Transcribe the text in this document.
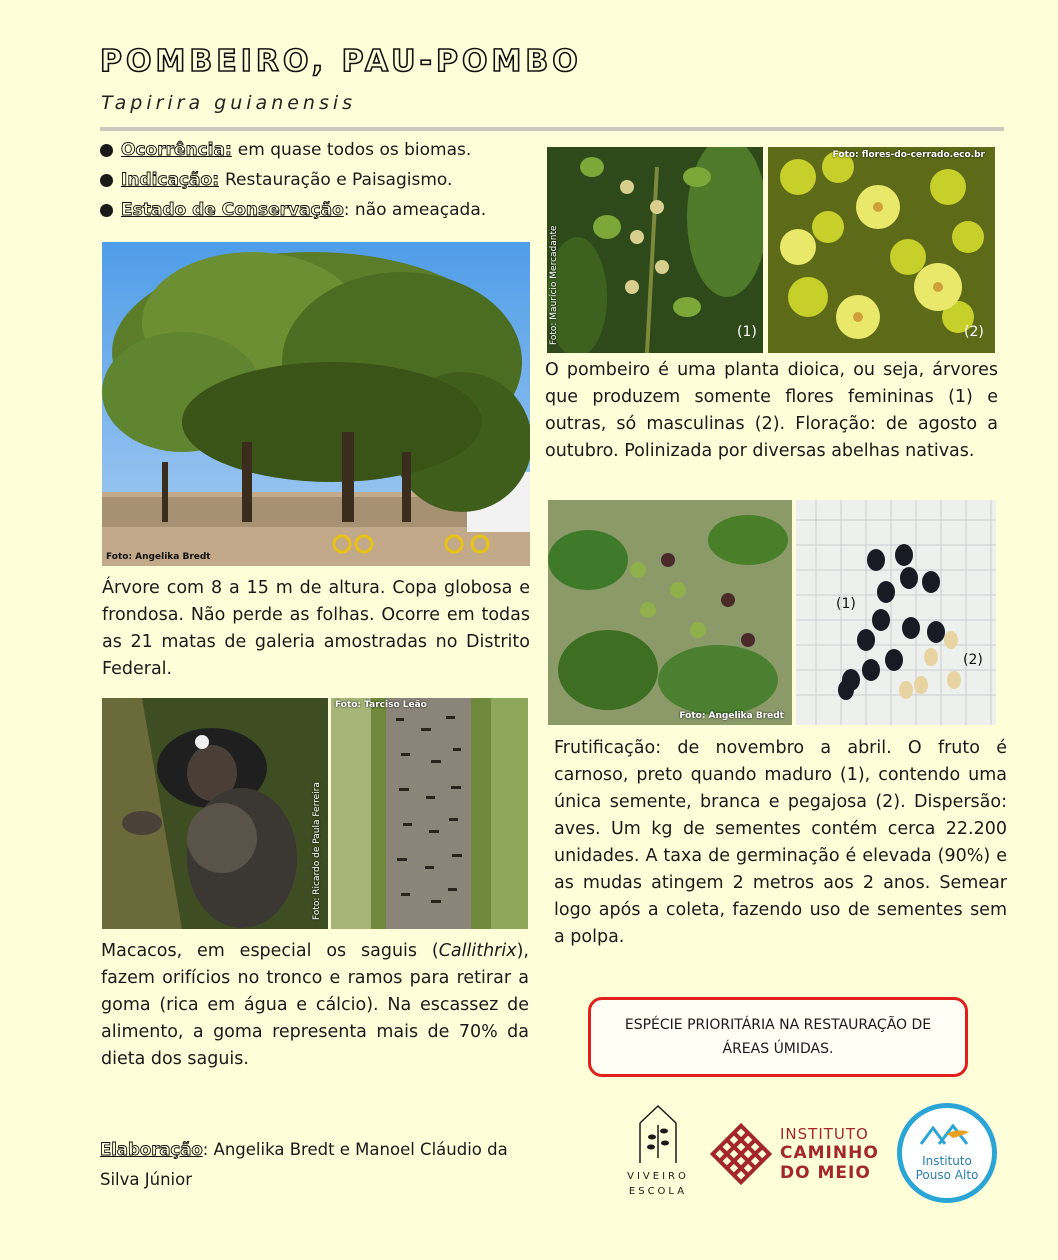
POMBEIRO, PAU-POMBO
Tapirira guianensis
Ocorrência: em quase todos os biomas.
Indicação: Restauração e Paisagismo.
Estado de Conservação : não ameaçada.
Foto: Angelika Bredt
Árvore com 8 a 15 m de altura. Copa globosa e frondosa. Não perde as folhas. Ocorre em todas as 21 matas de galeria amostradas no Distrito Federal.
Foto: Tarciso Leão
Foto: Ricardo de Paula Ferreira
Macacos, em especial os saguis (Callithrix), fazem orifícios no tronco e ramos para retirar a goma (rica em água e cálcio). Na escassez de alimento, a goma representa mais de 70% da dieta dos saguis.
(1)
Foto: Maurício Mercadante
Foto: flores-do-cerrado.eco.br
(2)
O pombeiro é uma planta dioica, ou seja, árvores que produzem somente flores femininas (1) e outras, só masculinas (2). Floração: de agosto a outubro. Polinizada por diversas abelhas nativas.
Foto: Angelika Bredt
(1)
(2)
Frutificação: de novembro a abril. O fruto é carnoso, preto quando maduro (1), contendo uma única semente, branca e pegajosa (2). Dispersão: aves. Um kg de sementes contém cerca 22.200 unidades. A taxa de germinação é elevada (90%) e as mudas atingem 2 metros aos 2 anos. Semear logo após a coleta, fazendo uso de sementes sem a polpa.
ESPÉCIE PRIORITÁRIA NA RESTAURAÇÃO DE
ÁREAS ÚMIDAS.
Elaboração: Angelika Bredt e Manoel Cláudio da Silva Júnior	VIVEIRO
ESCOLA
INSTITUTO
CAMINHO
DO MEIO
Instituto
Pouso Alto
